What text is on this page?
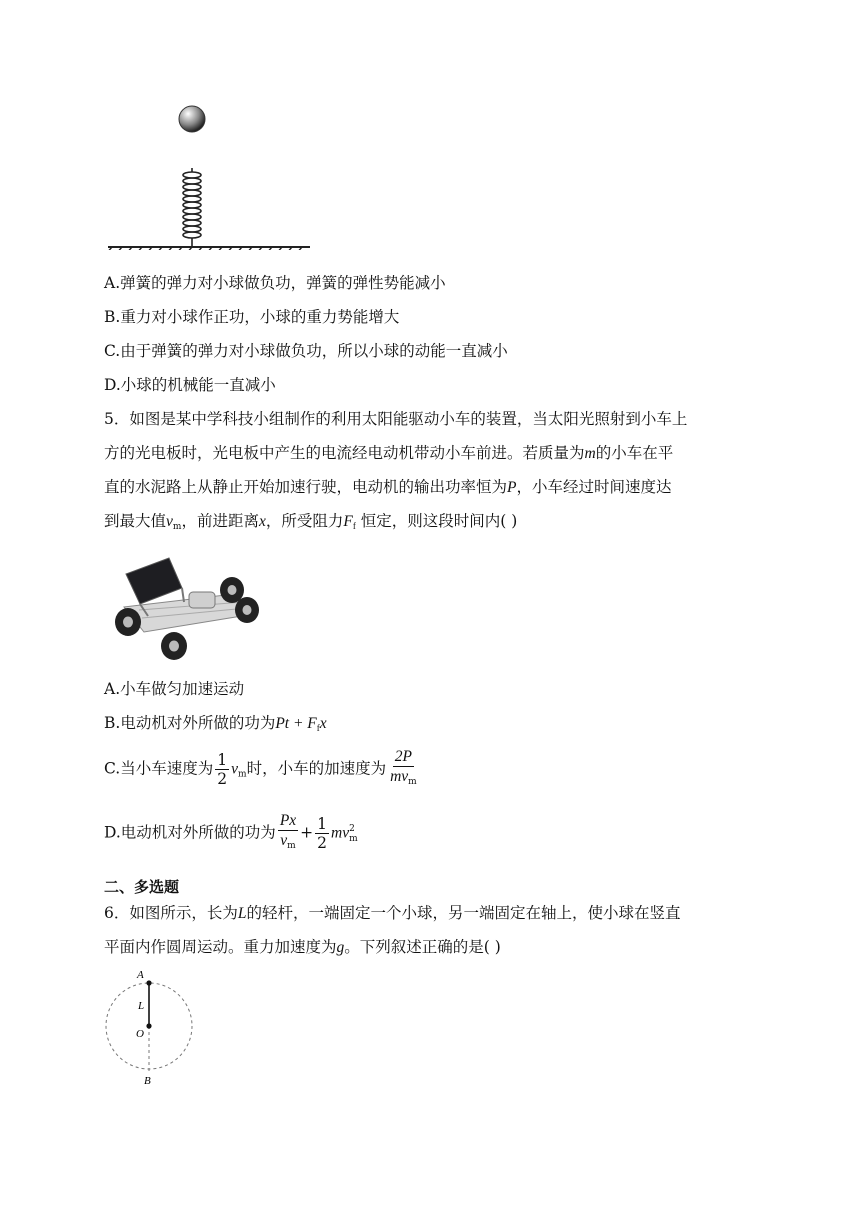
A.弹簧的弹力对小球做负功，弹簧的弹性势能减小
B.重力对小球作正功，小球的重力势能增大
C.由于弹簧的弹力对小球做负功，所以小球的动能一直减小
D.小球的机械能一直减小
5．如图是某中学科技小组制作的利用太阳能驱动小车的装置，当太阳光照射到小车上
方的光电板时，光电板中产生的电流经电动机带动小车前进。若质量为m的小车在平
直的水泥路上从静止开始加速行驶，电动机的输出功率恒为P，小车经过时间速度达
到最大值$v_m$，前进距离x，所受阻力$F_f$ 恒定，则这段时间内( )
A.小车做匀加速运动
B.电动机对外所做的功为$Pt + F_fx$
C.当小车速度为 $\frac{1}{2} v_m$时，小车的加速度为 $\frac{2P}{mv_m}$
D.电动机对外所做的功为 $\frac{Px}{v_m} + \frac{1}{2}$ mv 2
m
二、多选题
6．如图所示，长为L的轻杆，一端固定一个小球，另一端固定在轴上，使小球在竖直
平面内作圆周运动。重力加速度为g。下列叙述正确的是( )
A
L
O
B
